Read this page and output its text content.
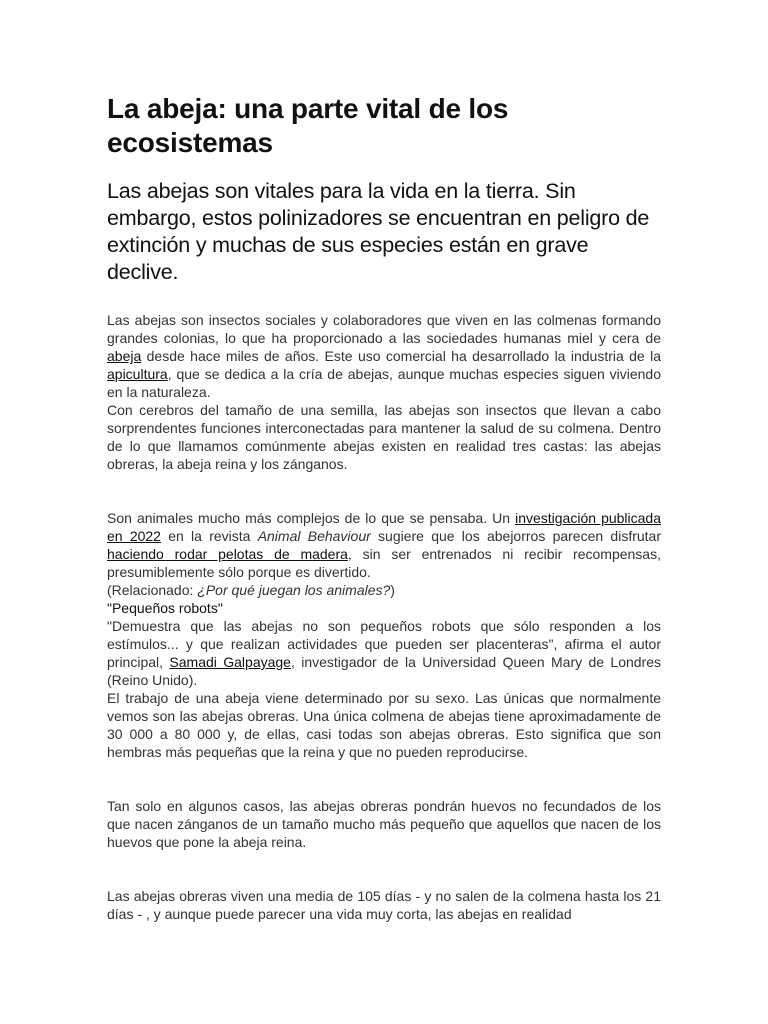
La abeja: una parte vital de los ecosistemas

Las abejas son vitales para la vida en la tierra. Sin embargo, estos polinizadores se encuentran en peligro de extinción y muchas de sus especies están en grave declive.

Las abejas son insectos sociales y colaboradores que viven en las colmenas formando grandes colonias, lo que ha proporcionado a las sociedades humanas miel y cera de abeja desde hace miles de años. Este uso comercial ha desarrollado la industria de la apicultura, que se dedica a la cría de abejas, aunque muchas especies siguen viviendo en la naturaleza.

Con cerebros del tamaño de una semilla, las abejas son insectos que llevan a cabo sorprendentes funciones interconectadas para mantener la salud de su colmena. Dentro de lo que llamamos comúnmente abejas existen en realidad tres castas: las abejas obreras, la abeja reina y los zánganos.

Son animales mucho más complejos de lo que se pensaba. Un investigación publicada en 2022 en la revista Animal Behaviour sugiere que los abejorros parecen disfrutar haciendo rodar pelotas de madera, sin ser entrenados ni recibir recompensas, presumiblemente sólo porque es divertido.

(Relacionado: ¿Por qué juegan los animales?)

"Pequeños robots"

"Demuestra que las abejas no son pequeños robots que sólo responden a los estímulos... y que realizan actividades que pueden ser placenteras", afirma el autor principal, Samadi Galpayage, investigador de la Universidad Queen Mary de Londres (Reino Unido).

El trabajo de una abeja viene determinado por su sexo. Las únicas que normalmente vemos son las abejas obreras. Una única colmena de abejas tiene aproximadamente de 30 000 a 80 000 y, de ellas, casi todas son abejas obreras. Esto significa que son hembras más pequeñas que la reina y que no pueden reproducirse.

Tan solo en algunos casos, las abejas obreras pondrán huevos no fecundados de los que nacen zánganos de un tamaño mucho más pequeño que aquellos que nacen de los huevos que pone la abeja reina.

Las abejas obreras viven una media de 105 días - y no salen de la colmena hasta los 21 días - , y aunque puede parecer una vida muy corta, las abejas en realidad
